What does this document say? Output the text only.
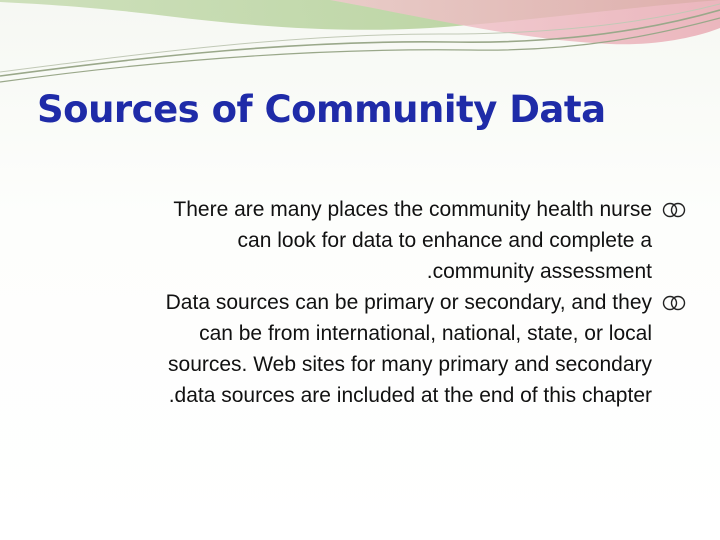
Sources of Community Data
There are many places the community health nurse
can look for data to enhance and complete a
.community assessment
Data sources can be primary or secondary, and they
can be from international, national, state, or local
sources. Web sites for many primary and secondary
.data sources are included at the end of this chapter
